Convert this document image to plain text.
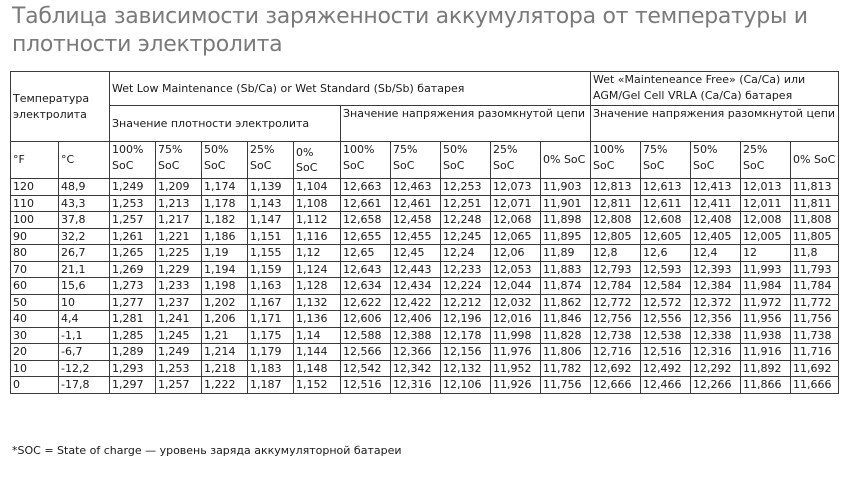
Таблица зависимости заряженности аккумулятора от температуры и плотности электролита
Температура электролита		Wet Low Maintenance (Sb/Ca) or Wet Standard (Sb/Sb) батарея										Wet «Mainteneance Free» (Ca/Ca) или AGM/Gel Cell VRLA (Ca/Ca) батарея				
		Значение плотности электролита					Значение напряжения разомкнутой цепи					Значение напряжения разомкнутой цепи				
°F	°C	100% SoC	75% SoC	50% SoC	25% SoC	0% SoC	100% SoC	75% SoC	50% SoC	25% SoC	0% SoC	100% SoC	75% SoC	50% SoC	25% SoC	0% SoC
120	48,9	1,249	1,209	1,174	1,139	1,104	12,663	12,463	12,253	12,073	11,903	12,813	12,613	12,413	12,013	11,813
110	43,3	1,253	1,213	1,178	1,143	1,108	12,661	12,461	12,251	12,071	11,901	12,811	12,611	12,411	12,011	11,811
100	37,8	1,257	1,217	1,182	1,147	1,112	12,658	12,458	12,248	12,068	11,898	12,808	12,608	12,408	12,008	11,808
90	32,2	1,261	1,221	1,186	1,151	1,116	12,655	12,455	12,245	12,065	11,895	12,805	12,605	12,405	12,005	11,805
80	26,7	1,265	1,225	1,19	1,155	1,12	12,65	12,45	12,24	12,06	11,89	12,8	12,6	12,4	12	11,8
70	21,1	1,269	1,229	1,194	1,159	1,124	12,643	12,443	12,233	12,053	11,883	12,793	12,593	12,393	11,993	11,793
60	15,6	1,273	1,233	1,198	1,163	1,128	12,634	12,434	12,224	12,044	11,874	12,784	12,584	12,384	11,984	11,784
50	10	1,277	1,237	1,202	1,167	1,132	12,622	12,422	12,212	12,032	11,862	12,772	12,572	12,372	11,972	11,772
40	4,4	1,281	1,241	1,206	1,171	1,136	12,606	12,406	12,196	12,016	11,846	12,756	12,556	12,356	11,956	11,756
30	-1,1	1,285	1,245	1,21	1,175	1,14	12,588	12,388	12,178	11,998	11,828	12,738	12,538	12,338	11,938	11,738
20	-6,7	1,289	1,249	1,214	1,179	1,144	12,566	12,366	12,156	11,976	11,806	12,716	12,516	12,316	11,916	11,716
10	-12,2	1,293	1,253	1,218	1,183	1,148	12,542	12,342	12,132	11,952	11,782	12,692	12,492	12,292	11,892	11,692
0	-17,8	1,297	1,257	1,222	1,187	1,152	12,516	12,316	12,106	11,926	11,756	12,666	12,466	12,266	11,866	11,666
*SOC = State of charge — уровень заряда аккумуляторной батареи
